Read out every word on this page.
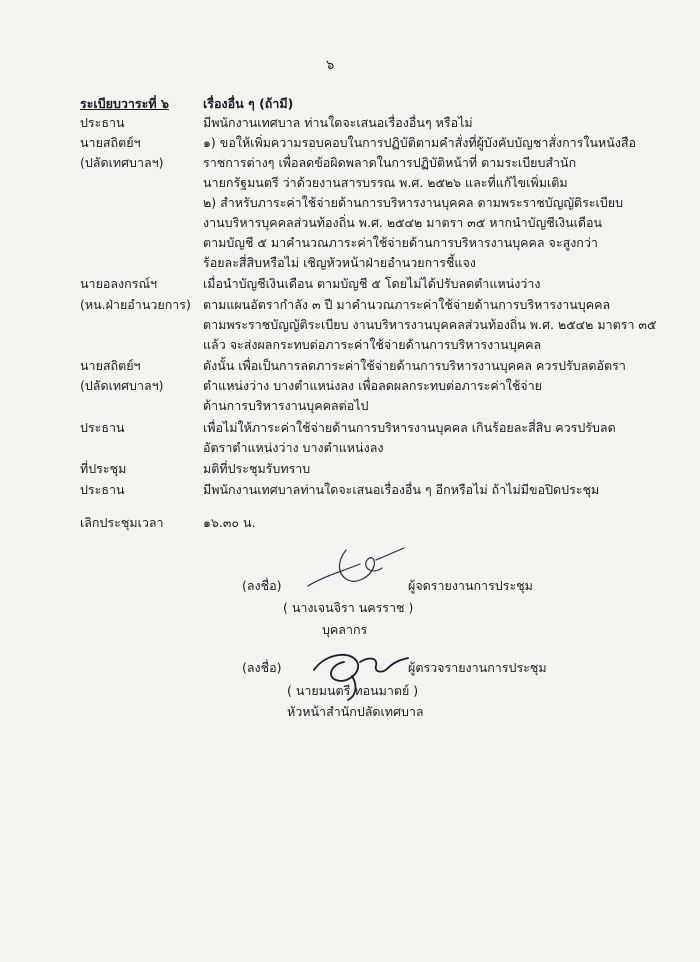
๖
ระเบียบวาระที่ ๖	เรื่องอื่น ๆ (ถ้ามี)
ประธาน	มีพนักงานเทศบาล ท่านใดจะเสนอเรื่องอื่นๆ หรือไม่
นายสถิตย์ฯ	๑) ขอให้เพิ่มความรอบคอบในการปฏิบัติตามคำสั่งที่ผู้บังคับบัญชาสั่งการในหนังสือ
(ปลัดเทศบาลฯ)	ราชการต่างๆ เพื่อลดข้อผิดพลาดในการปฏิบัติหน้าที่ ตามระเบียบสำนัก
นายกรัฐมนตรี ว่าด้วยงานสารบรรณ พ.ศ. ๒๕๒๖ และที่แก้ไขเพิ่มเติม
๒) สำหรับภาระค่าใช้จ่ายด้านการบริหารงานบุคคล ตามพระราชบัญญัติระเบียบ
งานบริหารบุคคลส่วนท้องถิ่น พ.ศ. ๒๕๔๒ มาตรา ๓๕ หากนำบัญชีเงินเดือน
ตามบัญชี ๕ มาคำนวณภาระค่าใช้จ่ายด้านการบริหารงานบุคคล จะสูงกว่า
ร้อยละสี่สิบหรือไม่ เชิญหัวหน้าฝ่ายอำนวยการชี้แจง
นายอลงกรณ์ฯ	เมื่อนำบัญชีเงินเดือน ตามบัญชี ๕ โดยไม่ได้ปรับลดตำแหน่งว่าง
(หน.ฝ่ายอำนวยการ) ตามแผนอัตรากำลัง ๓ ปี มาคำนวณภาระค่าใช้จ่ายด้านการบริหารงานบุคคล
ตามพระราชบัญญัติระเบียบ งานบริหารงานบุคคลส่วนท้องถิ่น พ.ศ. ๒๕๔๒ มาตรา ๓๕
แล้ว จะส่งผลกระทบต่อภาระค่าใช้จ่ายด้านการบริหารงานบุคคล
นายสถิตย์ฯ	ดังนั้น เพื่อเป็นการลดภาระค่าใช้จ่ายด้านการบริหารงานบุคคล ควรปรับลดอัตรา
(ปลัดเทศบาลฯ)	ตำแหน่งว่าง บางตำแหน่งลง เพื่อลดผลกระทบต่อภาระค่าใช้จ่าย
ด้านการบริหารงานบุคคลต่อไป
ประธาน	เพื่อไม่ให้ภาระค่าใช้จ่ายด้านการบริหารงานบุคคล เกินร้อยละสี่สิบ ควรปรับลด
อัตราตำแหน่งว่าง บางตำแหน่งลง
ที่ประชุม	มติที่ประชุมรับทราบ
ประธาน	มีพนักงานเทศบาลท่านใดจะเสนอเรื่องอื่น ๆ อีกหรือไม่ ถ้าไม่มีขอปิดประชุม
เลิกประชุมเวลา	๑๖.๓๐ น.
(ลงชื่อ)	ผู้จดรายงานการประชุม
( นางเจนจิรา นครราช )
บุคลากร
(ลงชื่อ)	ผู้ตรวจรายงานการประชุม
( นายมนตรี ทอนมาตย์ )
หัวหน้าสำนักปลัดเทศบาล
